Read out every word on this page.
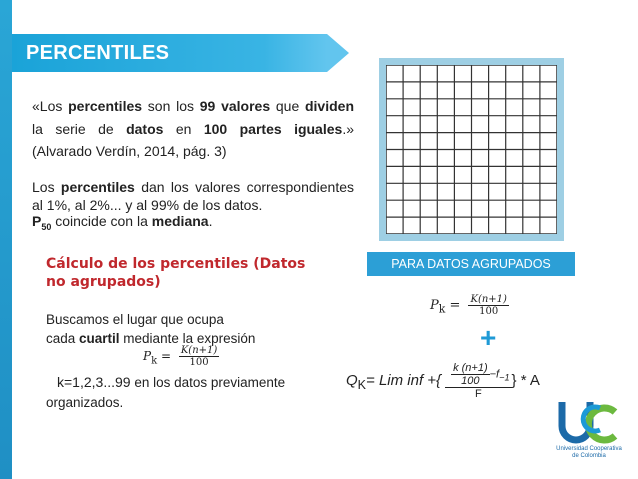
PERCENTILES
«Los percentiles son los 99 valores que dividen la serie de datos en 100 partes iguales.» (Alvarado Verdín, 2014, pág. 3)
Los percentiles dan los valores correspondientes al 1%, al 2%... y al 99% de los datos.
$P_{50}$ coincide con la mediana.
Cálculo de los percentiles (Datos no agrupados)
Buscamos el lugar que ocupa
cada cuartil mediante la expresión
$P_k = \frac{K(n+1)}{100}$
k=1,2,3...99 en los datos previamente
organizados.
PARA DATOS AGRUPADOS
$P_k = \frac{K(n+1)}{100}$
+
$Q_K=$ Lim inf +{ $\frac{\frac{k (n+1)}{100} -f_{-1}}{F}$ } * A
Universidad Cooperativa
de Colombia
